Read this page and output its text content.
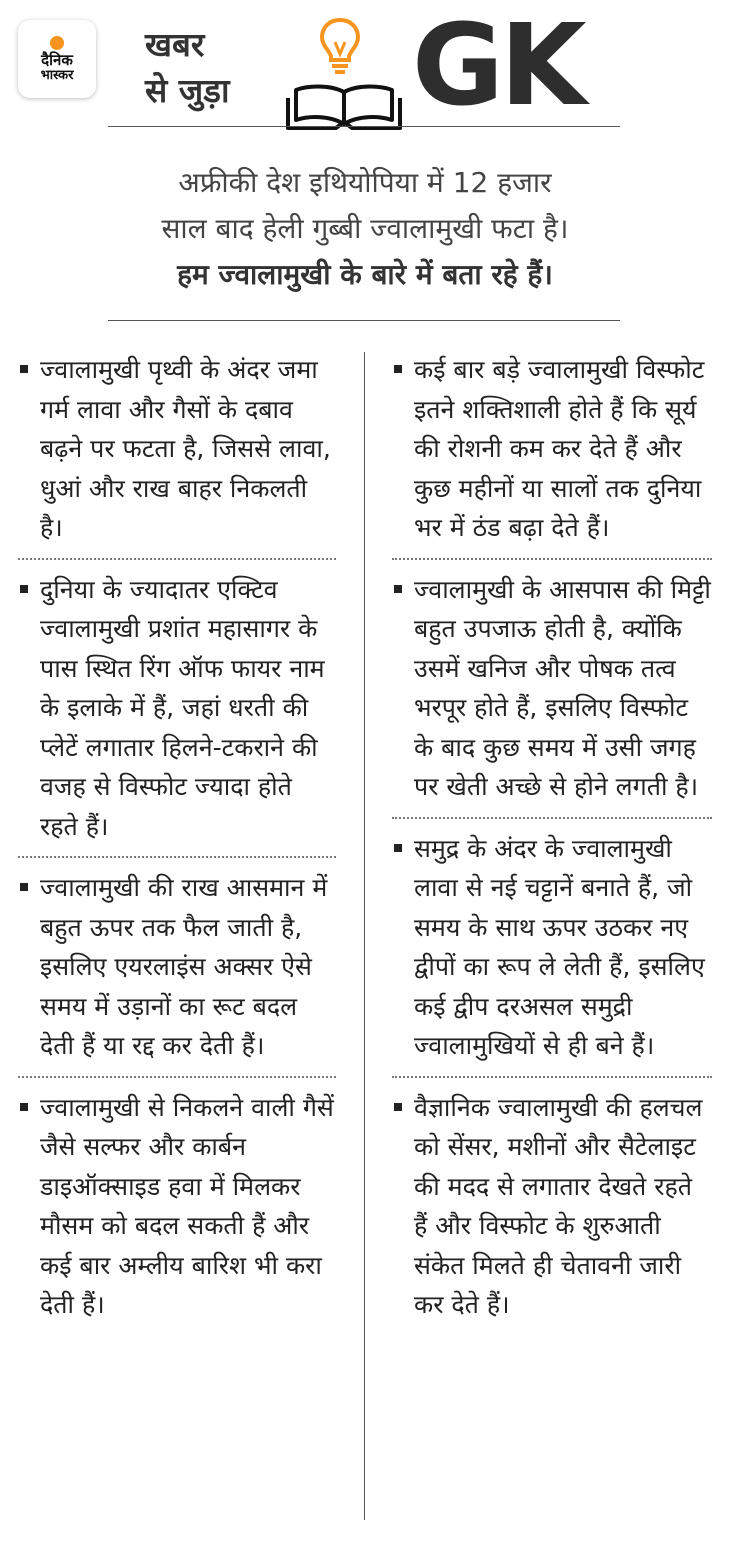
दैनिक
भास्कर
खबर
से जुड़ा	GK
अफ्रीकी देश इथियोपिया में 12 हजार
साल बाद हेली गुब्बी ज्वालामुखी फटा है।
हम ज्वालामुखी के बारे में बता रहे हैं।
ज्वालामुखी पृथ्वी के अंदर जमा गर्म लावा और गैसों के दबाव बढ़ने पर फटता है, जिससे लावा, धुआं और राख बाहर निकलती है।
दुनिया के ज्यादातर एक्टिव ज्वालामुखी प्रशांत महासागर के पास स्थित रिंग ऑफ फायर नाम के इलाके में हैं, जहां धरती की प्लेटें लगातार हिलने-टकराने की वजह से विस्फोट ज्यादा होते रहते हैं।
ज्वालामुखी की राख आसमान में बहुत ऊपर तक फैल जाती है, इसलिए एयरलाइंस अक्सर ऐसे समय में उड़ानों का रूट बदल देती हैं या रद्द कर देती हैं।
ज्वालामुखी से निकलने वाली गैसें जैसे सल्फर और कार्बन डाइऑक्साइड हवा में मिलकर मौसम को बदल सकती हैं और कई बार अम्लीय बारिश भी करा देती हैं।
कई बार बड़े ज्वालामुखी विस्फोट इतने शक्तिशाली होते हैं कि सूर्य की रोशनी कम कर देते हैं और कुछ महीनों या सालों तक दुनिया भर में ठंड बढ़ा देते हैं।
ज्वालामुखी के आसपास की मिट्टी बहुत उपजाऊ होती है, क्योंकि उसमें खनिज और पोषक तत्व भरपूर होते हैं, इसलिए विस्फोट के बाद कुछ समय में उसी जगह पर खेती अच्छे से होने लगती है।
समुद्र के अंदर के ज्वालामुखी लावा से नई चट्टानें बनाते हैं, जो समय के साथ ऊपर उठकर नए द्वीपों का रूप ले लेती हैं, इसलिए कई द्वीप दरअसल समुद्री ज्वालामुखियों से ही बने हैं।
वैज्ञानिक ज्वालामुखी की हलचल को सेंसर, मशीनों और सैटेलाइट की मदद से लगातार देखते रहते हैं और विस्फोट के शुरुआती संकेत मिलते ही चेतावनी जारी कर देते हैं।
